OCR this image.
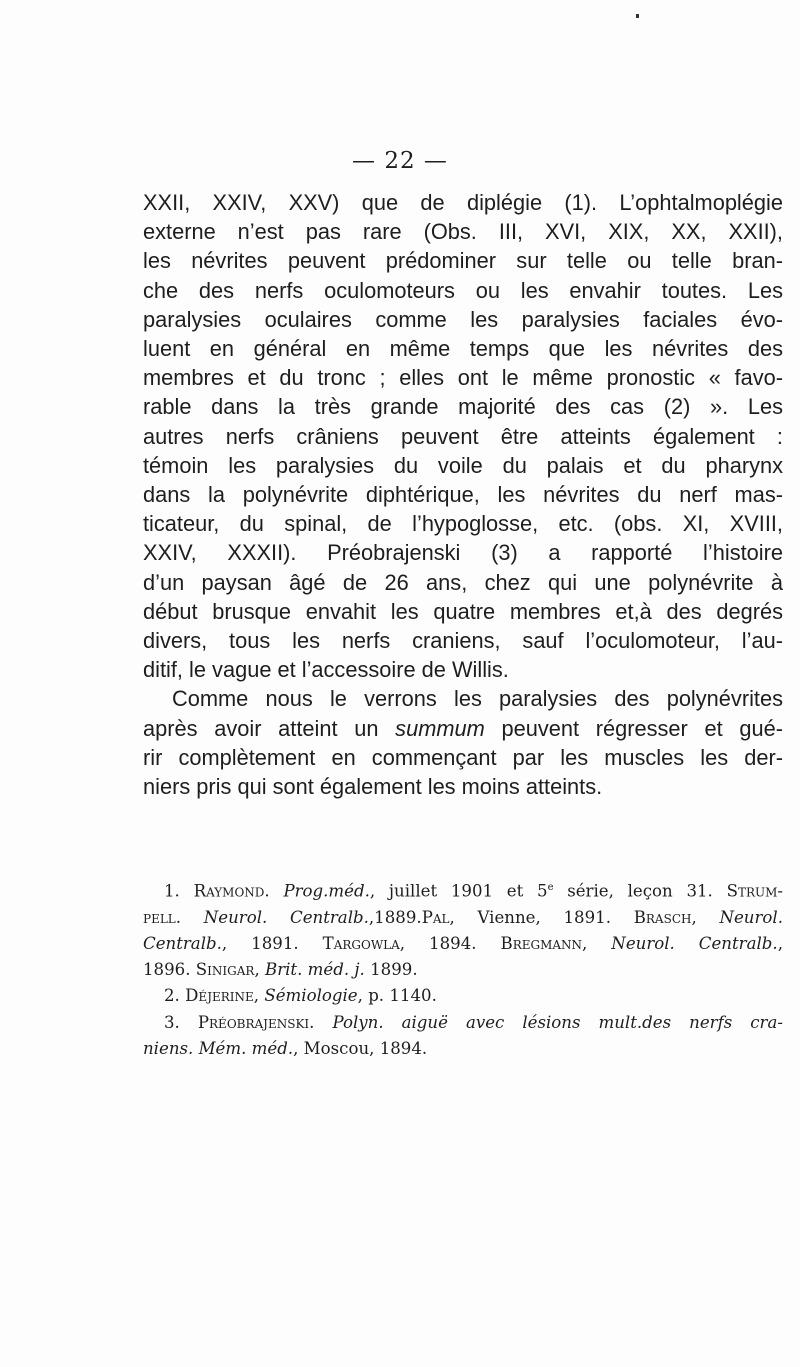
— 22 —
XXII, XXIV, XXV) que de diplégie (1). L’ophtalmoplégie
externe n’est pas rare (Obs. III, XVI, XIX, XX, XXII),
les névrites peuvent prédominer sur telle ou telle bran-
che des nerfs oculomoteurs ou les envahir toutes. Les
paralysies oculaires comme les paralysies faciales évo-
luent en général en même temps que les névrites des
membres et du tronc ; elles ont le même pronostic « favo-
rable dans la très grande majorité des cas (2) ». Les
autres nerfs crâniens peuvent être atteints également :
témoin les paralysies du voile du palais et du pharynx
dans la polynévrite diphtérique, les névrites du nerf mas-
ticateur, du spinal, de l’hypoglosse, etc. (obs. XI, XVIII,
XXIV, XXXII). Préobrajenski (3) a rapporté l’histoire
d’un paysan âgé de 26 ans, chez qui une polynévrite à
début brusque envahit les quatre membres et,à des degrés
divers, tous les nerfs craniens, sauf l’oculomoteur, l’au-
ditif, le vague et l’accessoire de Willis.
Comme nous le verrons les paralysies des polynévrites
après avoir atteint un summum peuvent régresser et gué-
rir complètement en commençant par les muscles les der-
niers pris qui sont également les moins atteints.
1. Raymond. Prog.méd., juillet 1901 et 5e série, leçon 31. Strum-
pell. Neurol. Centralb.,1889.Pal, Vienne, 1891. Brasch, Neurol.
Centralb., 1891. Targowla, 1894. Bregmann, Neurol. Centralb.,
1896. Sinigar, Brit. méd. j. 1899.
2. Déjerine, Sémiologie, p. 1140.
3. Préobrajenski. Polyn. aiguë avec lésions mult.des nerfs cra-
niens. Mém. méd., Moscou, 1894.
